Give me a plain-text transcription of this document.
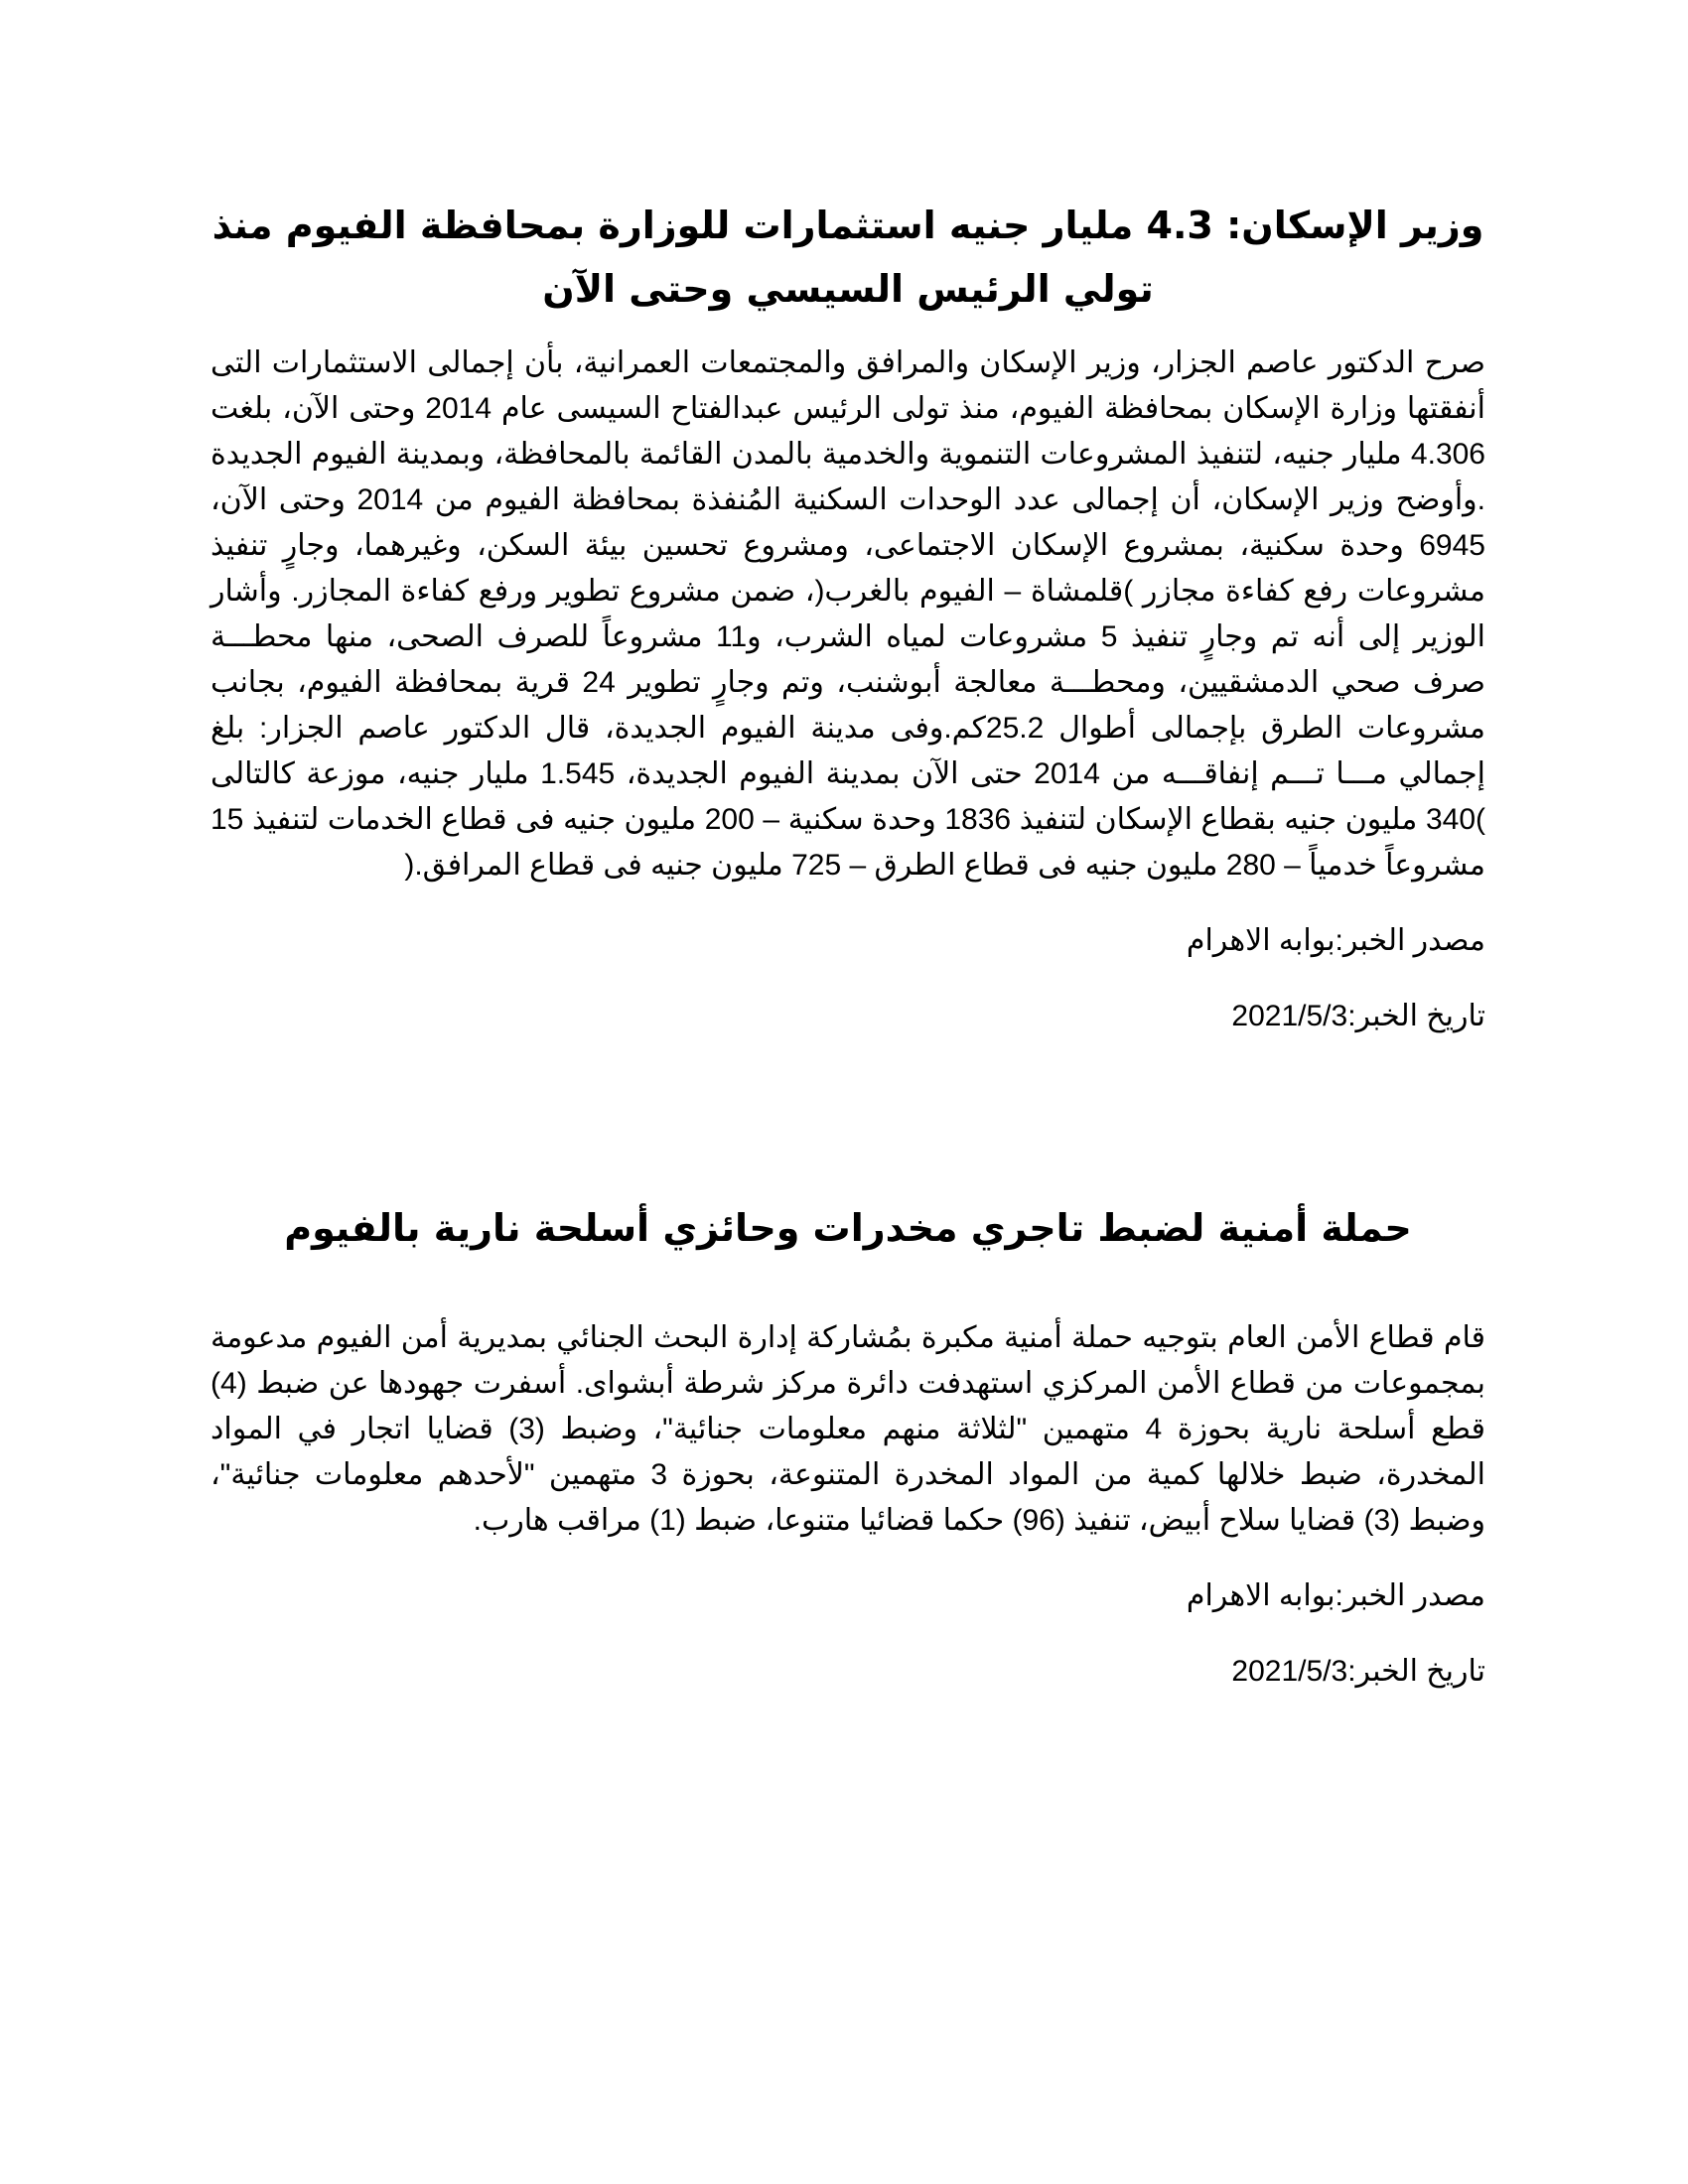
وزير الإسكان: 4.3 مليار جنيه استثمارات للوزارة بمحافظة الفيوم منذ تولي الرئيس السيسي وحتى الآن

صرح الدكتور عاصم الجزار، وزير الإسكان والمرافق والمجتمعات العمرانية، بأن إجمالى الاستثمارات التى أنفقتها وزارة الإسكان بمحافظة الفيوم، منذ تولى الرئيس عبدالفتاح السيسى عام 2014 وحتى الآن، بلغت 4.306 مليار جنيه، لتنفيذ المشروعات التنموية والخدمية بالمدن القائمة بالمحافظة، وبمدينة الفيوم الجديدة .وأوضح وزير الإسكان، أن إجمالى عدد الوحدات السكنية المُنفذة بمحافظة الفيوم من 2014 وحتى الآن، 6945 وحدة سكنية، بمشروع الإسكان الاجتماعى، ومشروع تحسين بيئة السكن، وغيرهما، وجارٍ تنفيذ مشروعات رفع كفاءة مجازر )قلمشاة – الفيوم بالغرب(، ضمن مشروع تطوير ورفع كفاءة المجازر. وأشار الوزير إلى أنه تم وجارٍ تنفيذ 5 مشروعات لمياه الشرب، و11 مشروعاً للصرف الصحى، منها محطـــة صرف صحي الدمشقيين، ومحطـــة معالجة أبوشنب، وتم وجارٍ تطوير 24 قرية بمحافظة الفيوم، بجانب مشروعات الطرق بإجمالى أطوال 25.2كم.وفى مدينة الفيوم الجديدة، قال الدكتور عاصم الجزار: بلغ إجمالي مـــا تـــم إنفاقـــه من 2014 حتى الآن بمدينة الفيوم الجديدة، 1.545 مليار جنيه، موزعة كالتالى )340 مليون جنيه بقطاع الإسكان لتنفيذ 1836 وحدة سكنية – 200 مليون جنيه فى قطاع الخدمات لتنفيذ 15 مشروعاً خدمياً – 280 مليون جنيه فى قطاع الطرق – 725 مليون جنيه فى قطاع المرافق.(

مصدر الخبر:بوابه الاهرام

تاريخ الخبر:2021/5/3

حملة أمنية لضبط تاجري مخدرات وحائزي أسلحة نارية بالفيوم

قام قطاع الأمن العام بتوجيه حملة أمنية مكبرة بمُشاركة إدارة البحث الجنائي بمديرية أمن الفيوم مدعومة بمجموعات من قطاع الأمن المركزي استهدفت دائرة مركز شرطة أبشواى. أسفرت جهودها عن ضبط (4) قطع أسلحة نارية بحوزة 4 متهمين "لثلاثة منهم معلومات جنائية"، وضبط (3) قضايا اتجار في المواد المخدرة، ضبط خلالها كمية من المواد المخدرة المتنوعة، بحوزة 3 متهمين "لأحدهم معلومات جنائية"، وضبط (3) قضايا سلاح أبيض، تنفيذ (96) حكما قضائيا متنوعا، ضبط (1) مراقب هارب.

مصدر الخبر:بوابه الاهرام

تاريخ الخبر:2021/5/3
